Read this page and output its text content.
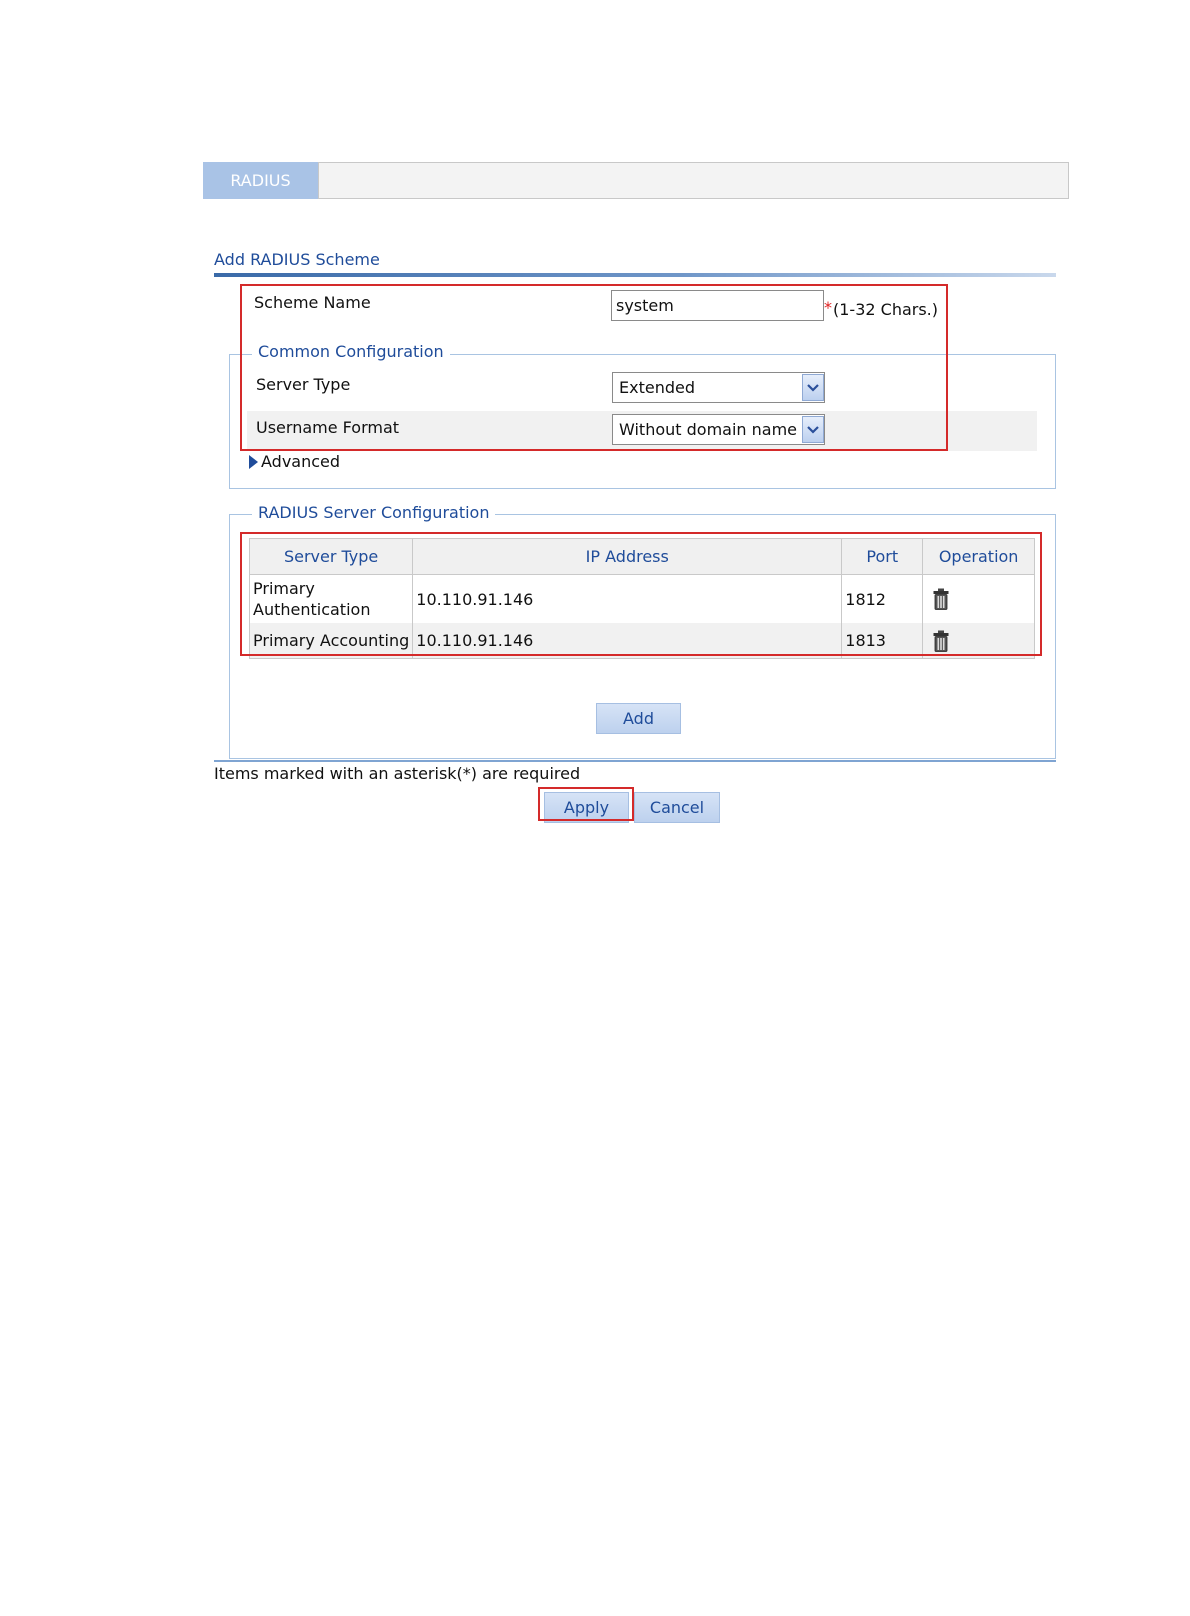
RADIUS
Add RADIUS Scheme
Common Configuration
Scheme Name
system	* (1-32 Chars.)
Server Type	Extended
Username Format	Without domain name
Advanced
RADIUS Server Configuration
Server Type	IP Address	Port	Operation

Primary
Authentication	10.110.91.146	1812	
Primary Accounting	10.110.91.146	1813	
Add
Items marked with an asterisk(*) are required
Apply	Cancel
